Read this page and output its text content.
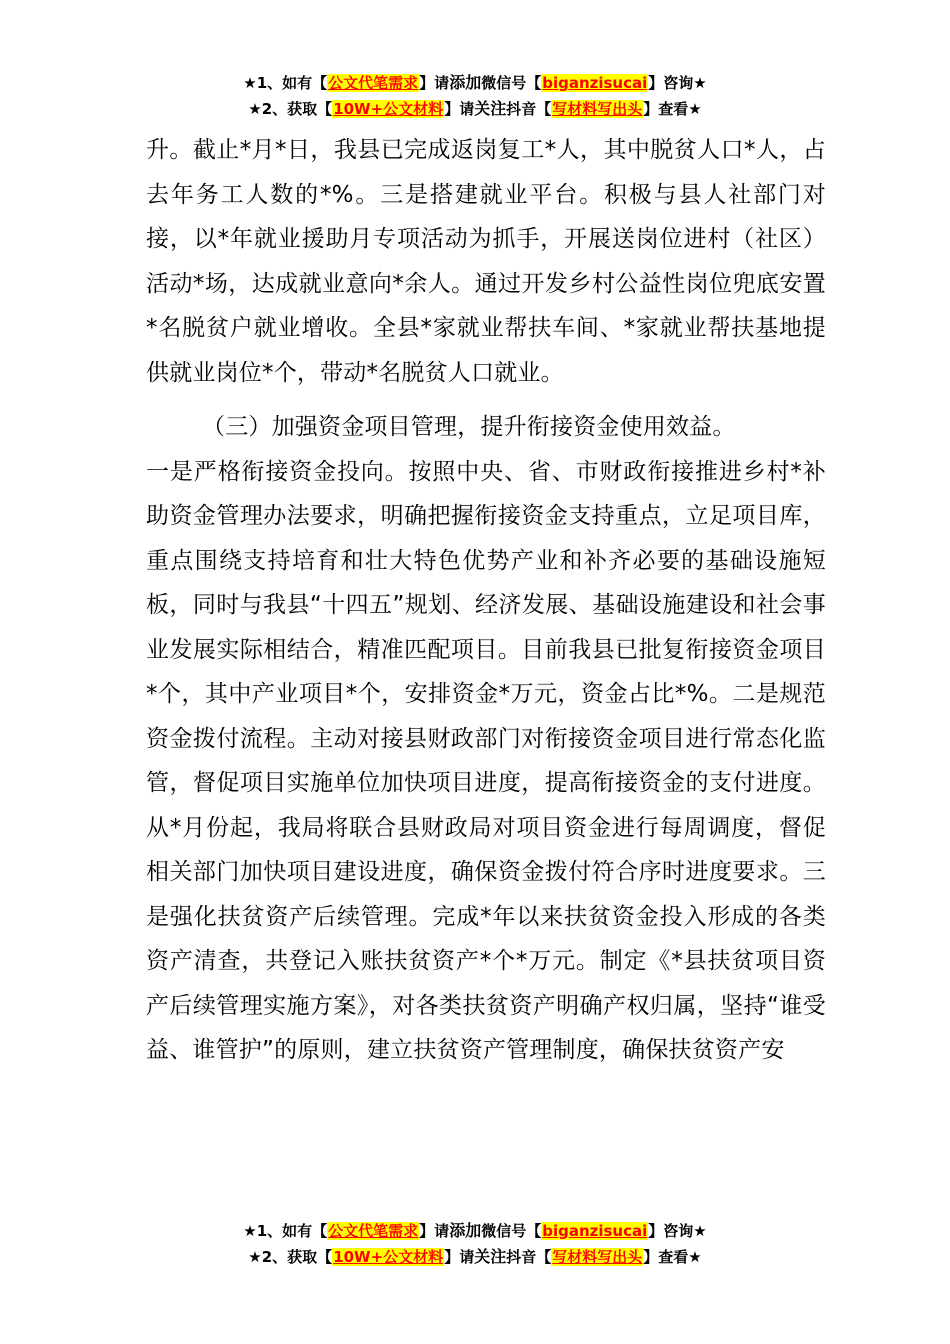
★1、如有【公文代笔需求】请添加微信号【biganzisucai】咨询★
★2、获取【10W+公文材料】请关注抖音【写材料写出头】查看★

升。截止*月*日，我县已完成返岗复工*人，其中脱贫人口*人，占去年务工人数的*%。三是搭建就业平台。积极与县人社部门对接，以*年就业援助月专项活动为抓手，开展送岗位进村（社区）活动*场，达成就业意向*余人。通过开发乡村公益性岗位兜底安置*名脱贫户就业增收。全县*家就业帮扶车间、*家就业帮扶基地提供就业岗位*个，带动*名脱贫人口就业。

（三）加强资金项目管理，提升衔接资金使用效益。

一是严格衔接资金投向。按照中央、省、市财政衔接推进乡村*补助资金管理办法要求，明确把握衔接资金支持重点，立足项目库，重点围绕支持培育和壮大特色优势产业和补齐必要的基础设施短板，同时与我县“十四五”规划、经济发展、基础设施建设和社会事业发展实际相结合，精准匹配项目。目前我县已批复衔接资金项目*个，其中产业项目*个，安排资金*万元，资金占比*%。二是规范资金拨付流程。主动对接县财政部门对衔接资金项目进行常态化监管，督促项目实施单位加快项目进度，提高衔接资金的支付进度。从*月份起，我局将联合县财政局对项目资金进行每周调度，督促相关部门加快项目建设进度，确保资金拨付符合序时进度要求。三是强化扶贫资产后续管理。完成*年以来扶贫资金投入形成的各类资产清查，共登记入账扶贫资产*个*万元。制定《*县扶贫项目资产后续管理实施方案》，对各类扶贫资产明确产权归属，坚持“谁受益、谁管护”的原则，建立扶贫资产管理制度，确保扶贫资产安

★1、如有【公文代笔需求】请添加微信号【biganzisucai】咨询★
★2、获取【10W+公文材料】请关注抖音【写材料写出头】查看★
